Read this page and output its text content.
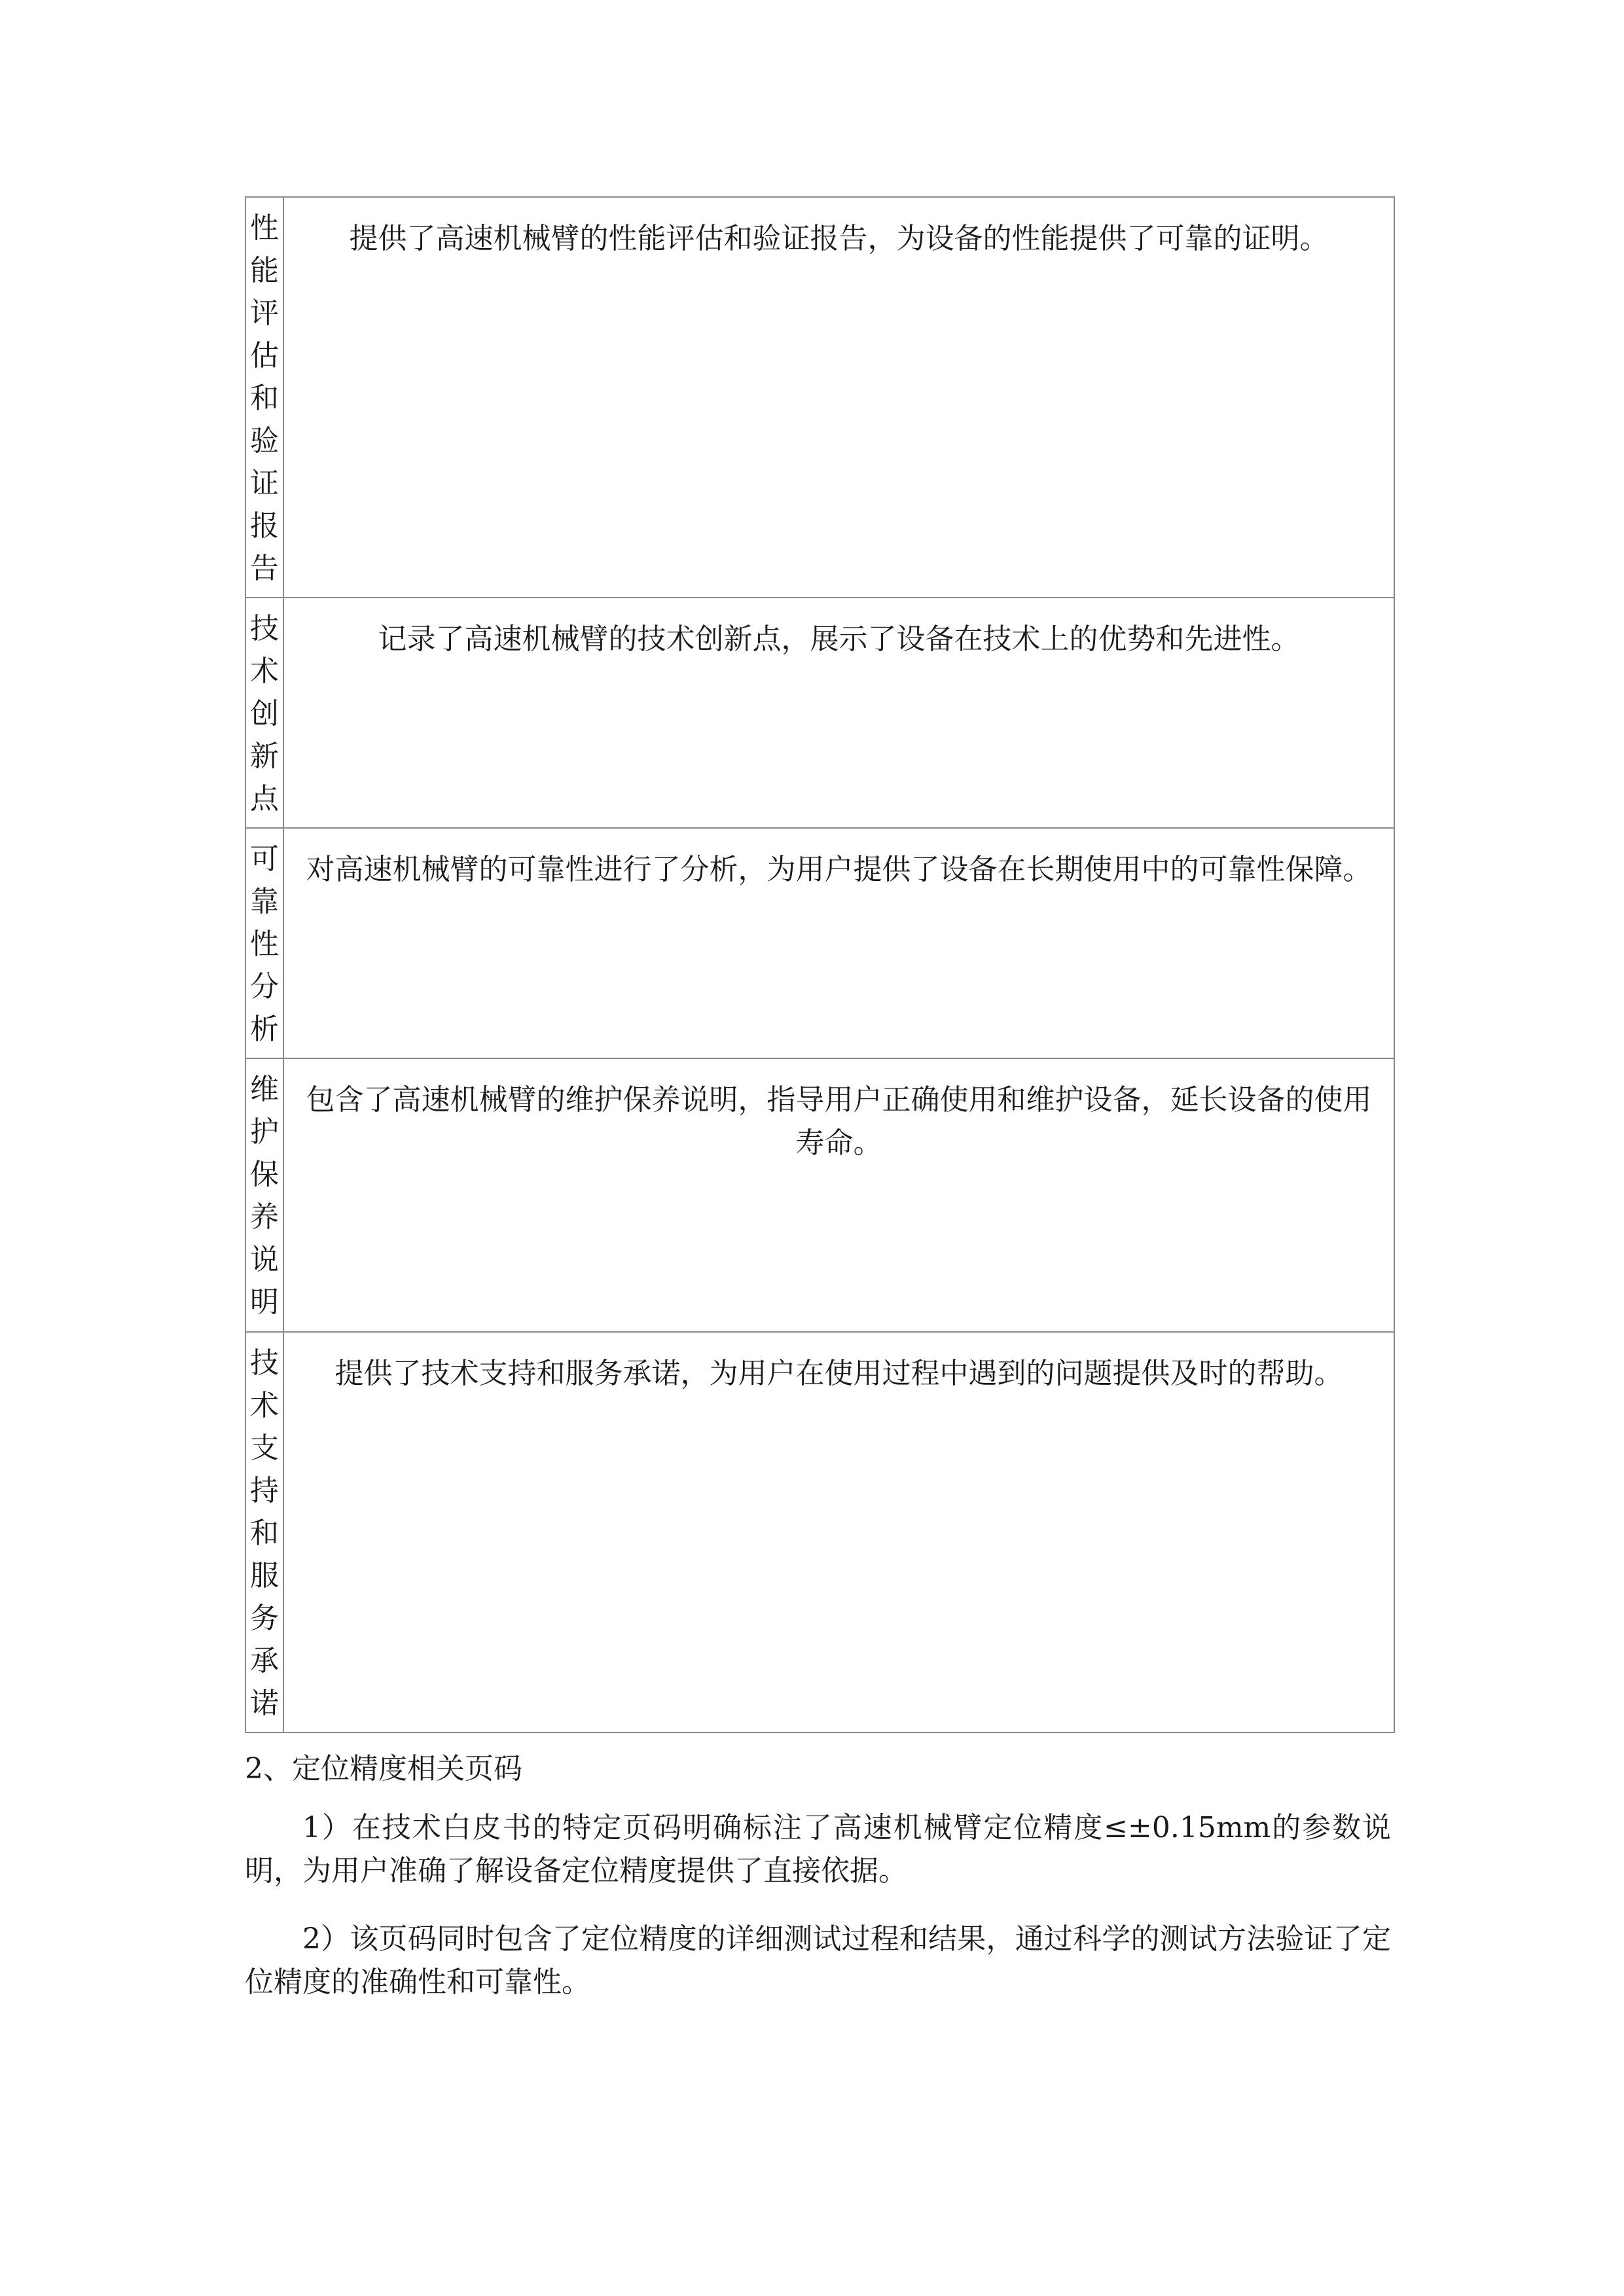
性能评估和验证报告	提供了高速机械臂的性能评估和验证报告，为设备的性能提供了可靠的证明。

技术创新点	记录了高速机械臂的技术创新点，展示了设备在技术上的优势和先进性。

可靠性分析	对高速机械臂的可靠性进行了分析，为用户提供了设备在长期使用中的可靠性保障。

维护保养说明	包含了高速机械臂的维护保养说明，指导用户正确使用和维护设备，延长设备的使用寿命。

技术支持和服务承诺	提供了技术支持和服务承诺，为用户在使用过程中遇到的问题提供及时的帮助。
2、定位精度相关页码

1）在技术白皮书的特定页码明确标注了高速机械臂定位精度≤±0.15mm的参数说明，为用户准确了解设备定位精度提供了直接依据。

2）该页码同时包含了定位精度的详细测试过程和结果，通过科学的测试方法验证了定位精度的准确性和可靠性。
